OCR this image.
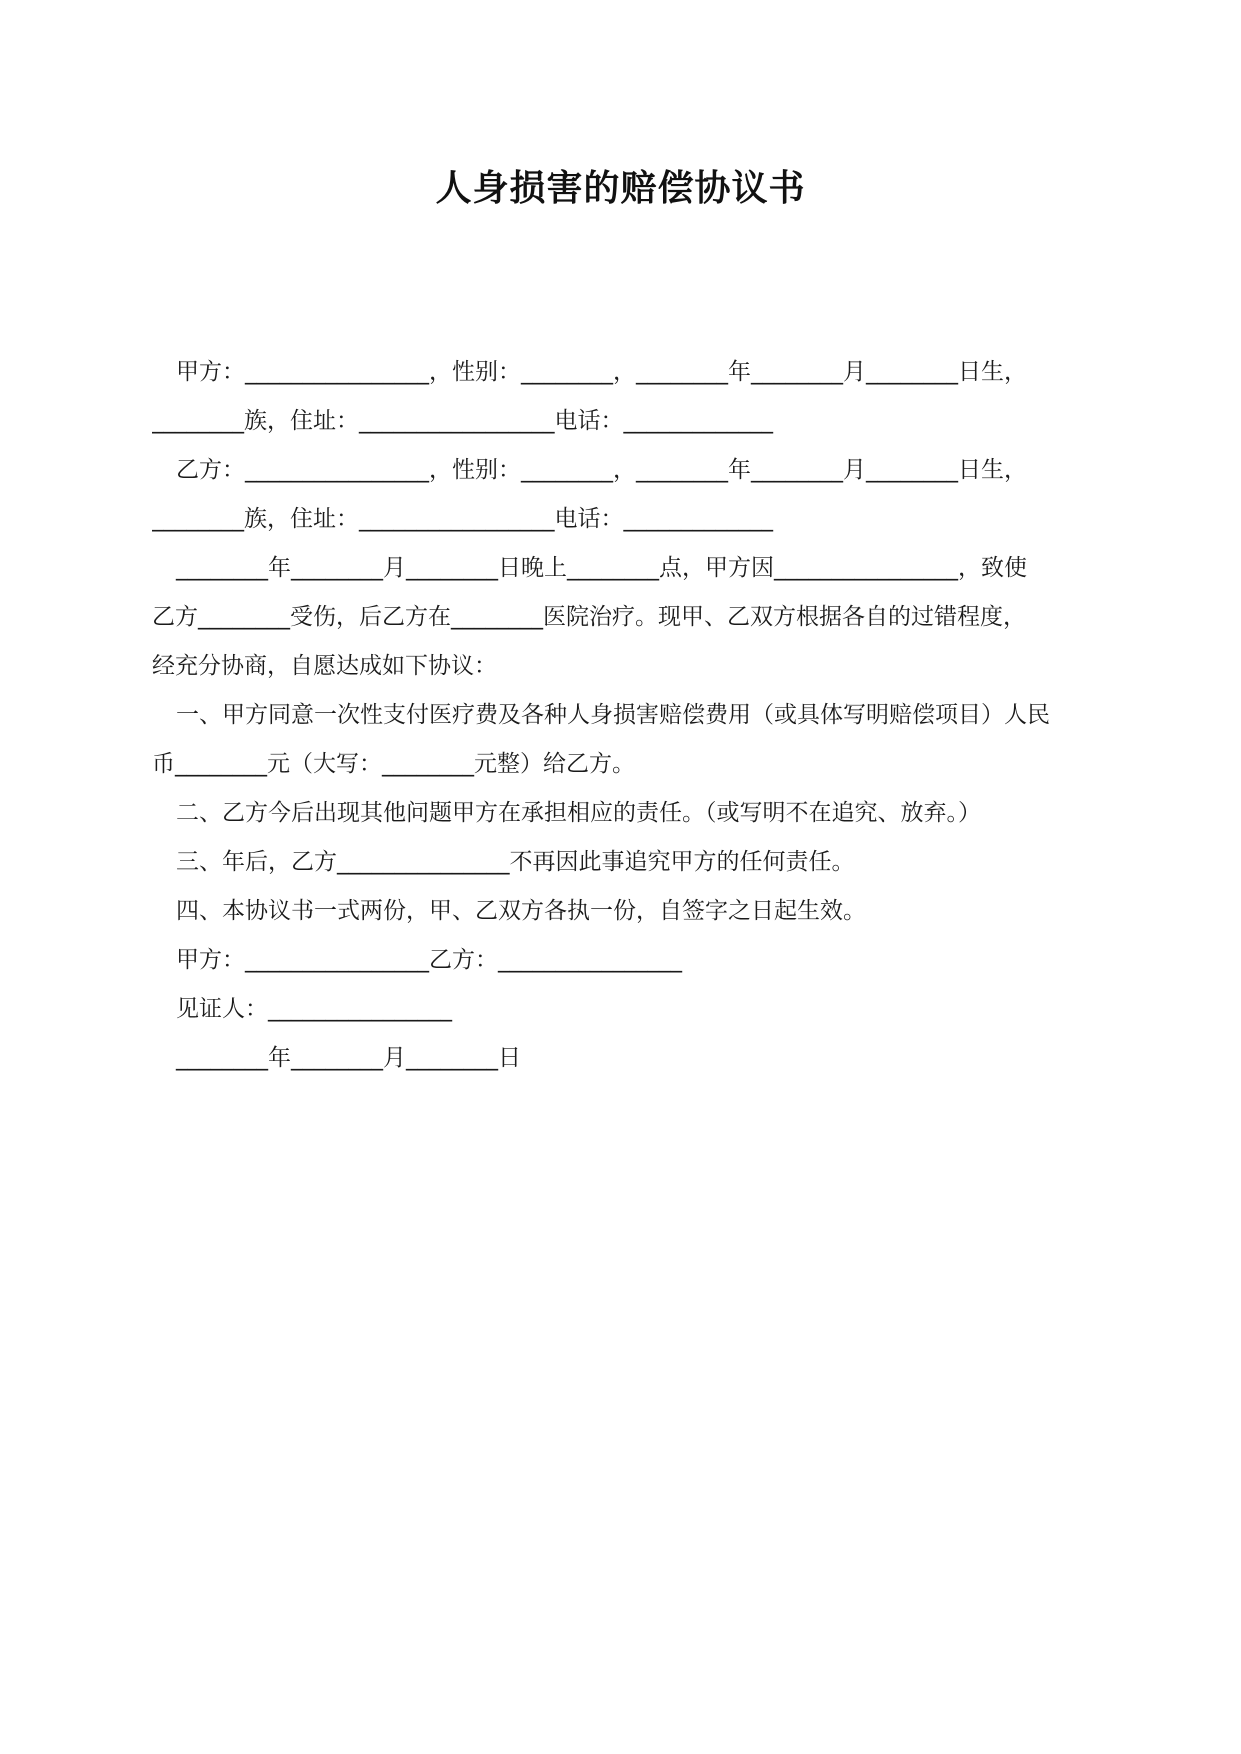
人身损害的赔偿协议书
甲方：________________，性别：________，________年________月________日生，
________族，住址：_________________电话：_____________
乙方：________________，性别：________，________年________月________日生，
________族，住址：_________________电话：_____________
________年________月________日晚上________点，甲方因________________，致使
乙方________受伤，后乙方在________医院治疗。现甲、乙双方根据各自的过错程度，
经充分协商，自愿达成如下协议：
一、甲方同意一次性支付医疗费及各种人身损害赔偿费用（或具体写明赔偿项目）人民
币________元（大写：________元整）给乙方。
二、乙方今后出现其他问题甲方在承担相应的责任。（或写明不在追究、放弃。）
三、年后，乙方_______________不再因此事追究甲方的任何责任。
四、本协议书一式两份，甲、乙双方各执一份，自签字之日起生效。
甲方：________________乙方：________________
见证人：________________
________年________月________日
